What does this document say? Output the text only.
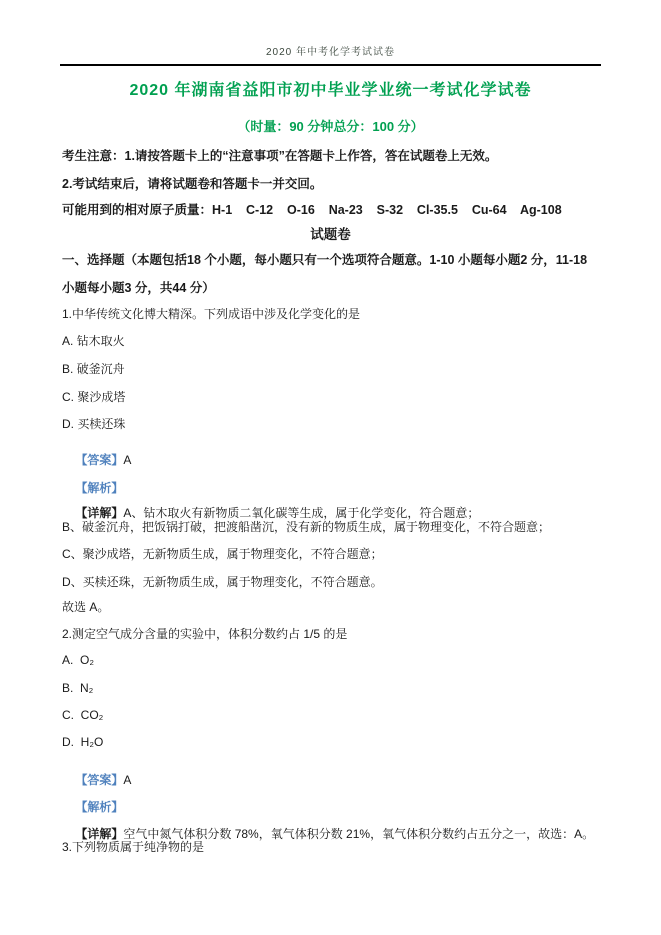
2020 年中考化学考试试卷
2020 年湖南省益阳市初中毕业学业统一考试化学试卷
（时量：90 分钟总分：100 分）
考生注意：1.请按答题卡上的“注意事项”在答题卡上作答，答在试题卷上无效。
2.考试结束后，请将试题卷和答题卡一并交回。
可能用到的相对原子质量：H-1    C-12    O-16    Na-23    S-32    Cl-35.5    Cu-64    Ag-108
试题卷
一、选择题（本题包括18 个小题，每小题只有一个选项符合题意。1-10 小题每小题2 分，11-18
小题每小题3 分，共44 分）
1.中华传统文化博大精深。下列成语中涉及化学变化的是
A. 钻木取火
B. 破釜沉舟
C. 聚沙成塔
D. 买椟还珠

【答案】A

【解析】

【详解】A、钻木取火有新物质二氧化碳等生成，属于化学变化，符合题意；

B、破釜沉舟，把饭锅打破，把渡船凿沉，没有新的物质生成，属于物理变化，不符合题意；
C、聚沙成塔，无新物质生成，属于物理变化，不符合题意；
D、买椟还珠，无新物质生成，属于物理变化，不符合题意。
故选 A。
2.测定空气成分含量的实验中，体积分数约占 1/5 的是
A.  O₂
B.  N₂
C.  CO₂
D.  H₂O

【答案】A

【解析】

【详解】空气中氮气体积分数 78%，氧气体积分数 21%，氧气体积分数约占五分之一，故选：A。

3.下列物质属于纯净物的是
